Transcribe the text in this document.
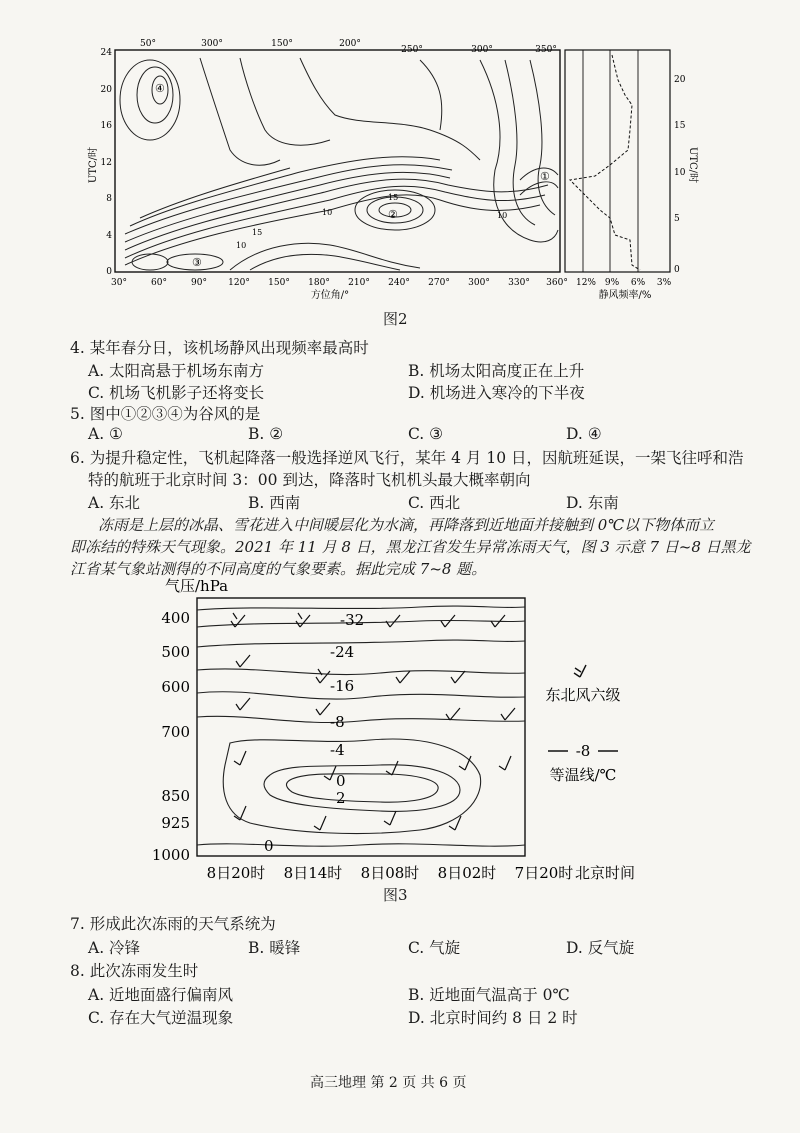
50°	300°	150°	200°
250°	300°	350°
24
20
16
12
8
4
0
UTC/时
30°	60°	90° 120° 150° 180° 210° 240° 270° 300° 330° 360°
方位角/°
12% 9% 6% 3%
静风频率/%
20
15
10
5
0
UTC/时
10	10
15
10
15
①
②
③
④
图2
4. 某年春分日，该机场静风出现频率最高时
A. 太阳高悬于机场东南方	B. 机场太阳高度正在上升
C. 机场飞机影子还将变长	D. 机场进入寒冷的下半夜
5. 图中①②③④为谷风的是
A. ①	B. ②	C. ③	D. ④
6. 为提升稳定性，飞机起降落一般选择逆风飞行，某年 4 月 10 日，因航班延误，一架飞往呼和浩
特的航班于北京时间 3：00 到达，降落时飞机机头最大概率朝向
A. 东北	B. 西南	C. 西北	D. 东南
冻雨是上层的冰晶、雪花进入中间暖层化为水滴，再降落到近地面并接触到 0℃以下物体而立
即冻结的特殊天气现象。2021 年 11 月 8 日，黑龙江省发生异常冻雨天气，图 3 示意 7 日~8 日黑龙
江省某气象站测得的不同高度的气象要素。据此完成 7~8 题。
气压/hPa
400
500
600
700
850
925
1000
-32
-24
-16
-8
-4
0
2
0
8日20时 8日14时 8日08时 8日02时 7日20时 北京时间
东北风六级
-8
等温线/℃
图3
7. 形成此次冻雨的天气系统为
A. 冷锋	B. 暖锋	C. 气旋	D. 反气旋
8. 此次冻雨发生时
A. 近地面盛行偏南风	B. 近地面气温高于 0℃
C. 存在大气逆温现象	D. 北京时间约 8 日 2 时
高三地理 第 2 页 共 6 页
